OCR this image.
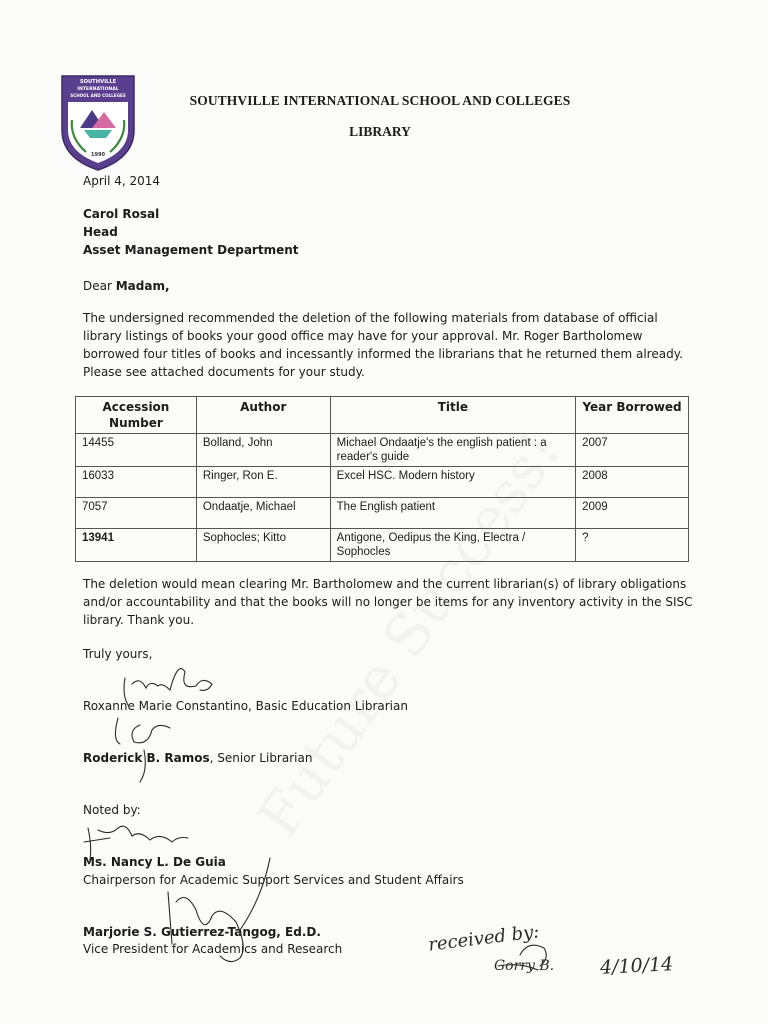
SOUTHVILLE
INTERNATIONAL
SCHOOL AND COLLEGES
1990
SOUTHVILLE INTERNATIONAL SCHOOL AND COLLEGES
LIBRARY
April 4, 2014
Carol Rosal
Head
Asset Management Department
Dear Madam,
The undersigned recommended the deletion of the following materials from database of official library listings of books your good office may have for your approval. Mr. Roger Bartholomew borrowed four titles of books and incessantly informed the librarians that he returned them already. Please see attached documents for your study.
Accession Number	Author	Title	Year Borrowed
14455	Bolland, John	Michael Ondaatje's the english patient : a reader's guide	2007
16033	Ringer, Ron E.	Excel HSC. Modern history	2008
7057	Ondaatje, Michael	The English patient	2009
13941	Sophocles; Kitto	Antigone, Oedipus the King, Electra / Sophocles	?
The deletion would mean clearing Mr. Bartholomew and the current librarian(s) of library obligations and/or accountability and that the books will no longer be items for any inventory activity in the SISC library. Thank you.
Truly yours,
Roxanne Marie Constantino, Basic Education Librarian
Roderick B. Ramos, Senior Librarian
Noted by:
Ms. Nancy L. De Guia
Chairperson for Academic Support Services and Student Affairs
Marjorie S. Gutierrez-Tangog, Ed.D.
Vice President for Academics and Research	received by:
Gorry B. 4/10/14
